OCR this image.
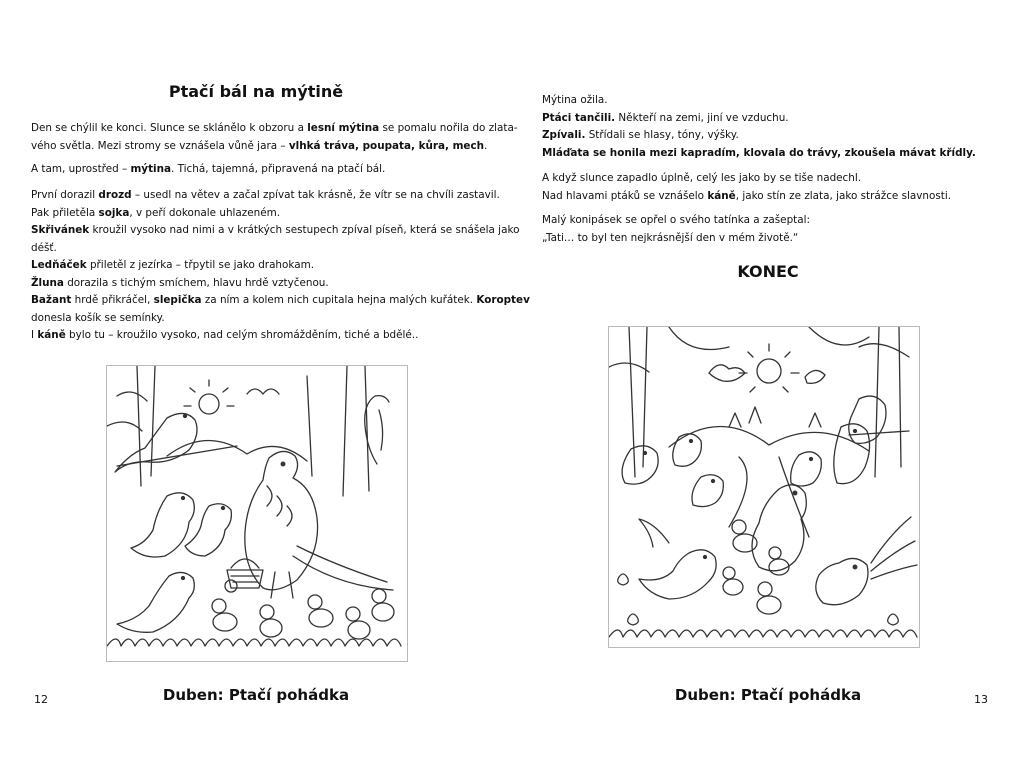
Ptačí bál na mýtině
Den se chýlil ke konci. Slunce se sklánělo k obzoru a lesní mýtina se pomalu nořila do zlata-
vého světla. Mezi stromy se vznášela vůně jara – vlhká tráva, poupata, kůra, mech.
A tam, uprostřed – mýtina. Tichá, tajemná, připravená na ptačí bál.
První dorazil drozd – usedl na větev a začal zpívat tak krásně, že vítr se na chvíli zastavil.
Pak přiletěla sojka, v peří dokonale uhlazeném.
Skřivánek kroužil vysoko nad nimi a v krátkých sestupech zpíval píseň, která se snášela jako
déšť.
Ledňáček přiletěl z jezírka – třpytil se jako drahokam.
Žluna dorazila s tichým smíchem, hlavu hrdě vztyčenou.
Bažant hrdě přikráčel, slepička za ním a kolem nich cupitala hejna malých kuřátek. Koroptev
donesla košík se semínky.
I káně bylo tu – kroužilo vysoko, nad celým shromážděním, tiché a bdělé..
Duben: Ptačí pohádka
12
Mýtina ožila.
Ptáci tančili. Někteří na zemi, jiní ve vzduchu.
Zpívali. Střídali se hlasy, tóny, výšky.
Mláďata se honila mezi kapradím, klovala do trávy, zkoušela mávat křídly.
A když slunce zapadlo úplně, celý les jako by se tiše nadechl.
Nad hlavami ptáků se vznášelo káně, jako stín ze zlata, jako strážce slavnosti.
Malý konipásek se opřel o svého tatínka a zašeptal:
„Tati… to byl ten nejkrásnější den v mém životě.“
KONEC
Duben: Ptačí pohádka	13
